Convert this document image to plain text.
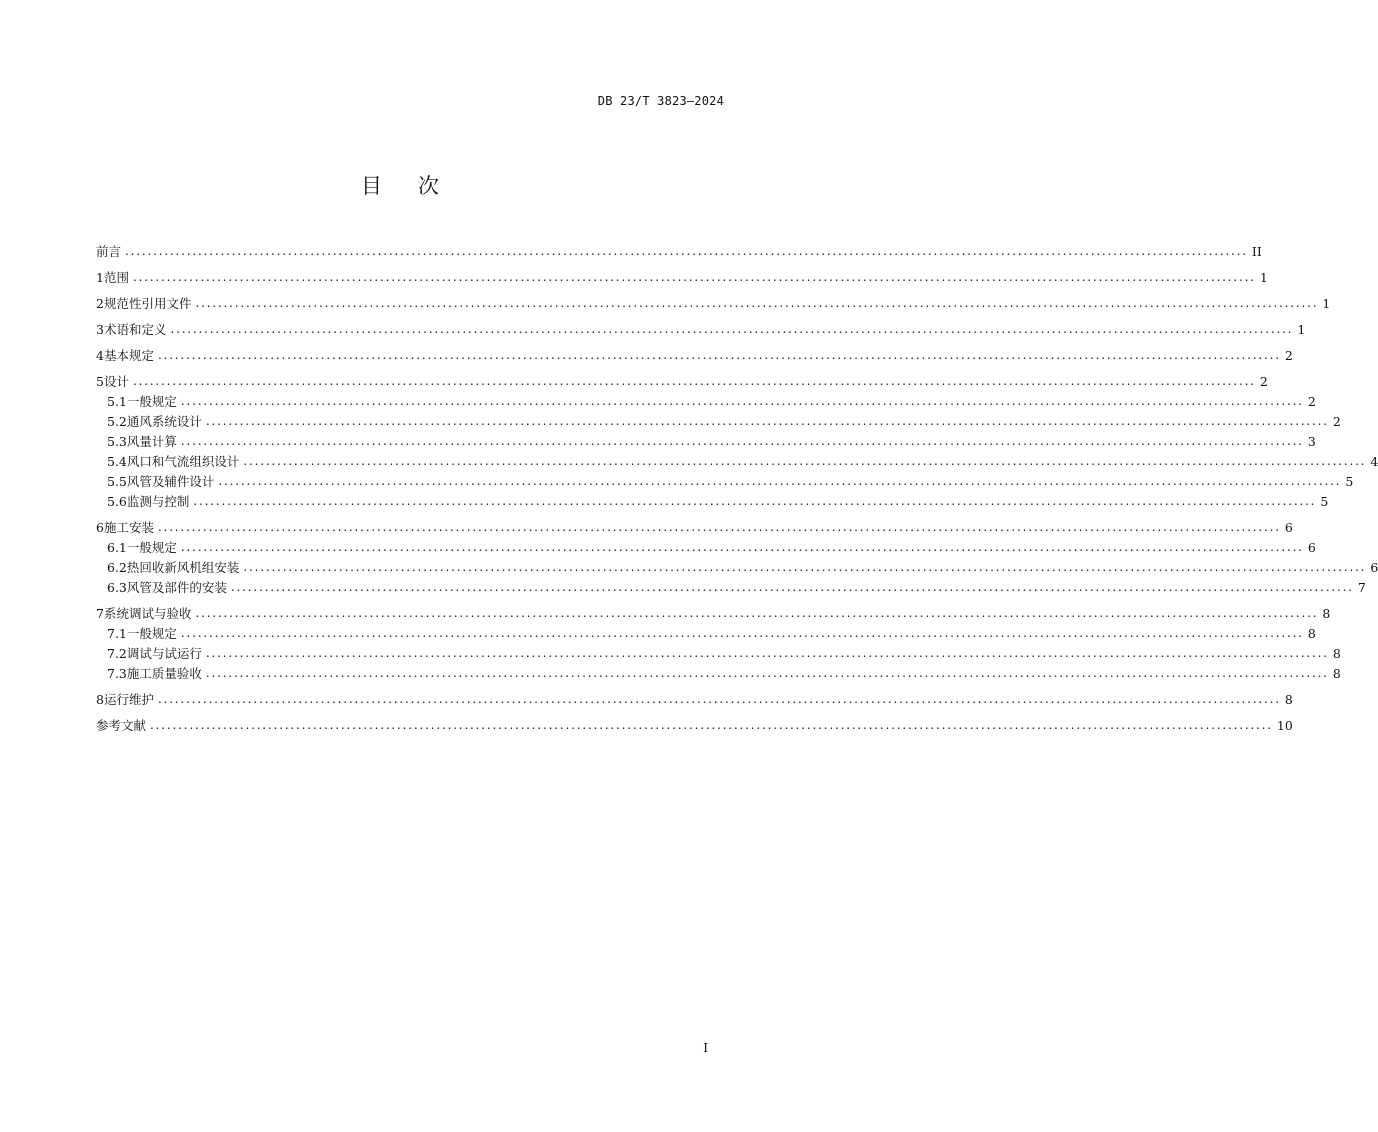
DB 23/T 3823—2024
目次
前言 ........................................................................................................................................................................................................ II
1 范围 ........................................................................................................................................................................................................ 1
2 规范性引用文件 ........................................................................................................................................................................................................ 1
3 术语和定义 ........................................................................................................................................................................................................ 1
4 基本规定 ........................................................................................................................................................................................................ 2
5 设计 ........................................................................................................................................................................................................ 2
5.1 一般规定 ........................................................................................................................................................................................................ 2
5.2 通风系统设计 ........................................................................................................................................................................................................ 2
5.3 风量计算 ........................................................................................................................................................................................................ 3
5.4 风口和气流组织设计 ........................................................................................................................................................................................................ 4
5.5 风管及辅件设计 ........................................................................................................................................................................................................ 5
5.6 监测与控制 ........................................................................................................................................................................................................ 5
6 施工安装 ........................................................................................................................................................................................................ 6
6.1 一般规定 ........................................................................................................................................................................................................ 6
6.2 热回收新风机组安装 ........................................................................................................................................................................................................ 6
6.3 风管及部件的安装 ........................................................................................................................................................................................................ 7
7 系统调试与验收 ........................................................................................................................................................................................................ 8
7.1 一般规定 ........................................................................................................................................................................................................ 8
7.2 调试与试运行 ........................................................................................................................................................................................................ 8
7.3 施工质量验收 ........................................................................................................................................................................................................ 8
8 运行维护 ........................................................................................................................................................................................................ 8
参考文献 ........................................................................................................................................................................................................ 10
I
